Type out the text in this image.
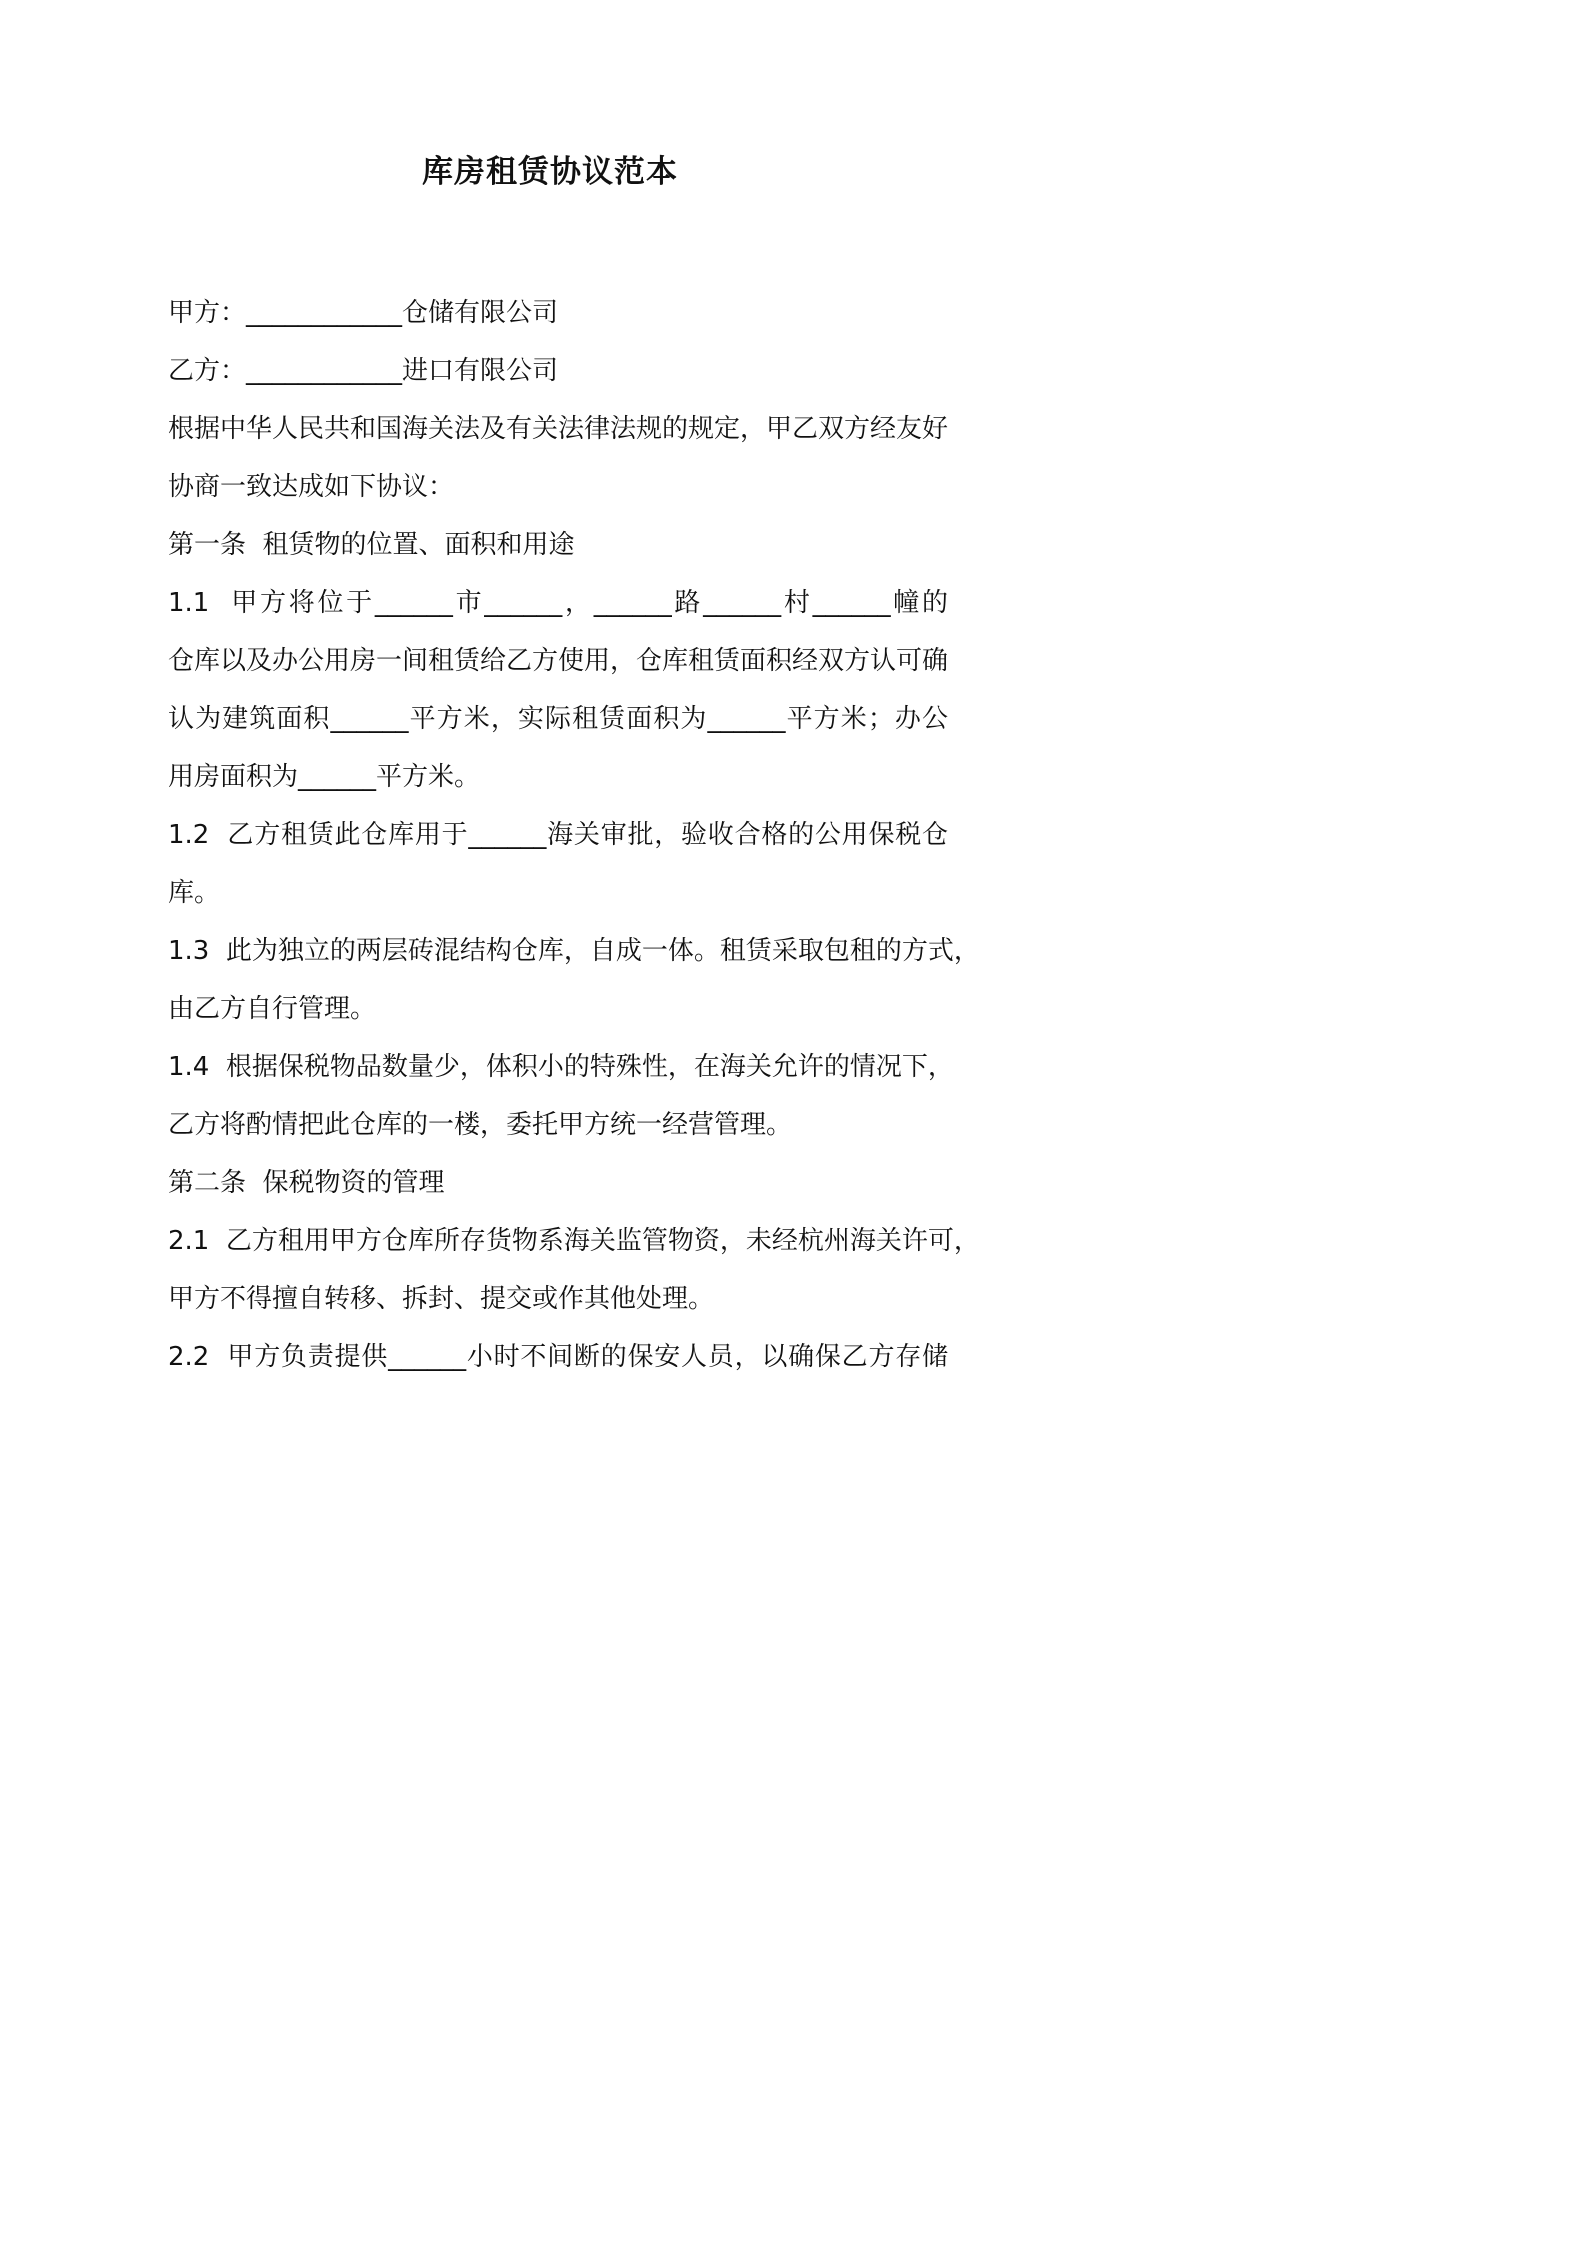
库房租赁协议范本
甲方：____________仓储有限公司
乙方：____________进口有限公司
根据中华人民共和国海关法及有关法律法规的规定，甲乙双方经友好
协商一致达成如下协议：
第一条  租赁物的位置、面积和用途
1.1  甲方将位于______市______，______路______村______幢的
仓库以及办公用房一间租赁给乙方使用，仓库租赁面积经双方认可确
认为建筑面积______平方米，实际租赁面积为______平方米；办公
用房面积为______平方米。
1.2  乙方租赁此仓库用于______海关审批，验收合格的公用保税仓
库。
1.3  此为独立的两层砖混结构仓库，自成一体。租赁采取包租的方式，
由乙方自行管理。
1.4  根据保税物品数量少，体积小的特殊性，在海关允许的情况下，
乙方将酌情把此仓库的一楼，委托甲方统一经营管理。
第二条  保税物资的管理
2.1  乙方租用甲方仓库所存货物系海关监管物资，未经杭州海关许可，
甲方不得擅自转移、拆封、提交或作其他处理。
2.2  甲方负责提供______小时不间断的保安人员，以确保乙方存储
